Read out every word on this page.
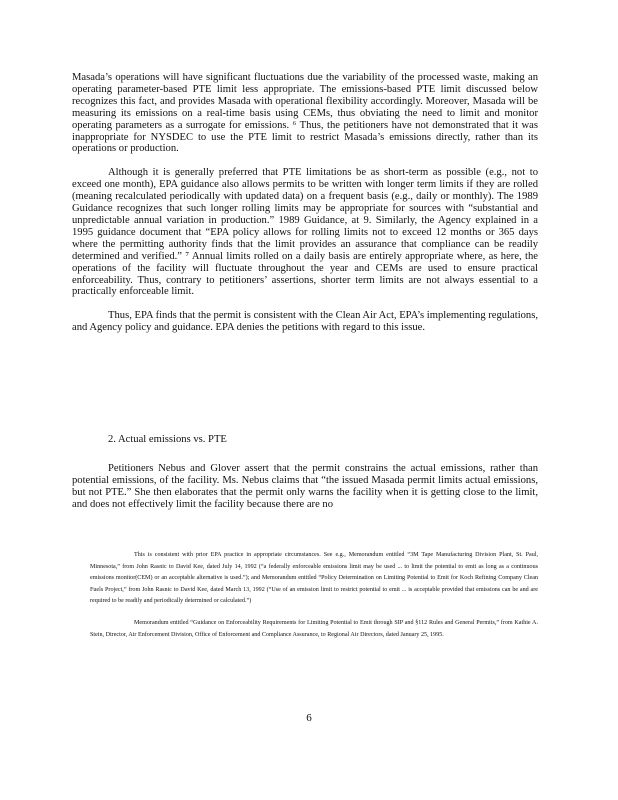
Masada’s operations will have significant fluctuations due the variability of the processed waste, making an operating parameter-based PTE limit less appropriate. The emissions-based PTE limit discussed below recognizes this fact, and provides Masada with operational flexibility accordingly. Moreover, Masada will be measuring its emissions on a real-time basis using CEMs, thus obviating the need to limit and monitor operating parameters as a surrogate for emissions. ⁶ Thus, the petitioners have not demonstrated that it was inappropriate for NYSDEC to use the PTE limit to restrict Masada’s emissions directly, rather than its operations or production.

Although it is generally preferred that PTE limitations be as short-term as possible (e.g., not to exceed one month), EPA guidance also allows permits to be written with longer term limits if they are rolled (meaning recalculated periodically with updated data) on a frequent basis (e.g., daily or monthly). The 1989 Guidance recognizes that such longer rolling limits may be appropriate for sources with “substantial and unpredictable annual variation in production.” 1989 Guidance, at 9. Similarly, the Agency explained in a 1995 guidance document that “EPA policy allows for rolling limits not to exceed 12 months or 365 days where the permitting authority finds that the limit provides an assurance that compliance can be readily determined and verified.” ⁷ Annual limits rolled on a daily basis are entirely appropriate where, as here, the operations of the facility will fluctuate throughout the year and CEMs are used to ensure practical enforceability. Thus, contrary to petitioners’ assertions, shorter term limits are not always essential to a practically enforceable limit.

Thus, EPA finds that the permit is consistent with the Clean Air Act, EPA’s implementing regulations, and Agency policy and guidance. EPA denies the petitions with regard to this issue.

2. Actual emissions vs. PTE

Petitioners Nebus and Glover assert that the permit constrains the actual emissions, rather than potential emissions, of the facility. Ms. Nebus claims that “the issued Masada permit limits actual emissions, but not PTE.” She then elaborates that the permit only warns the facility when it is getting close to the limit, and does not effectively limit the facility because there are no

This is consistent with prior EPA practice in appropriate circumstances. See e.g., Memorandum entitled “3M Tape Manufacturing Division Plant, St. Paul, Minnesota,” from John Rasnic to David Kee, dated July 14, 1992 (“a federally enforceable emissions limit may be used ... to limit the potential to emit as long as a continuous emissions monitor(CEM) or an acceptable alternative is used.”); and Memorandum entitled “Policy Determination on Limiting Potential to Emit for Koch Refining Company Clean Fuels Project,” from John Rasnic to David Kee, dated March 13, 1992 (“Use of an emission limit to restrict potential to emit ... is acceptable provided that emissions can be and are required to be readily and periodically determined or calculated.”)

Memorandum entitled “Guidance on Enforceability Requirements for Limiting Potential to Emit through SIP and §112 Rules and General Permits,” from Kathie A. Stein, Director, Air Enforcement Division, Office of Enforcement and Compliance Assurance, to Regional Air Directors, dated January 25, 1995.

6
